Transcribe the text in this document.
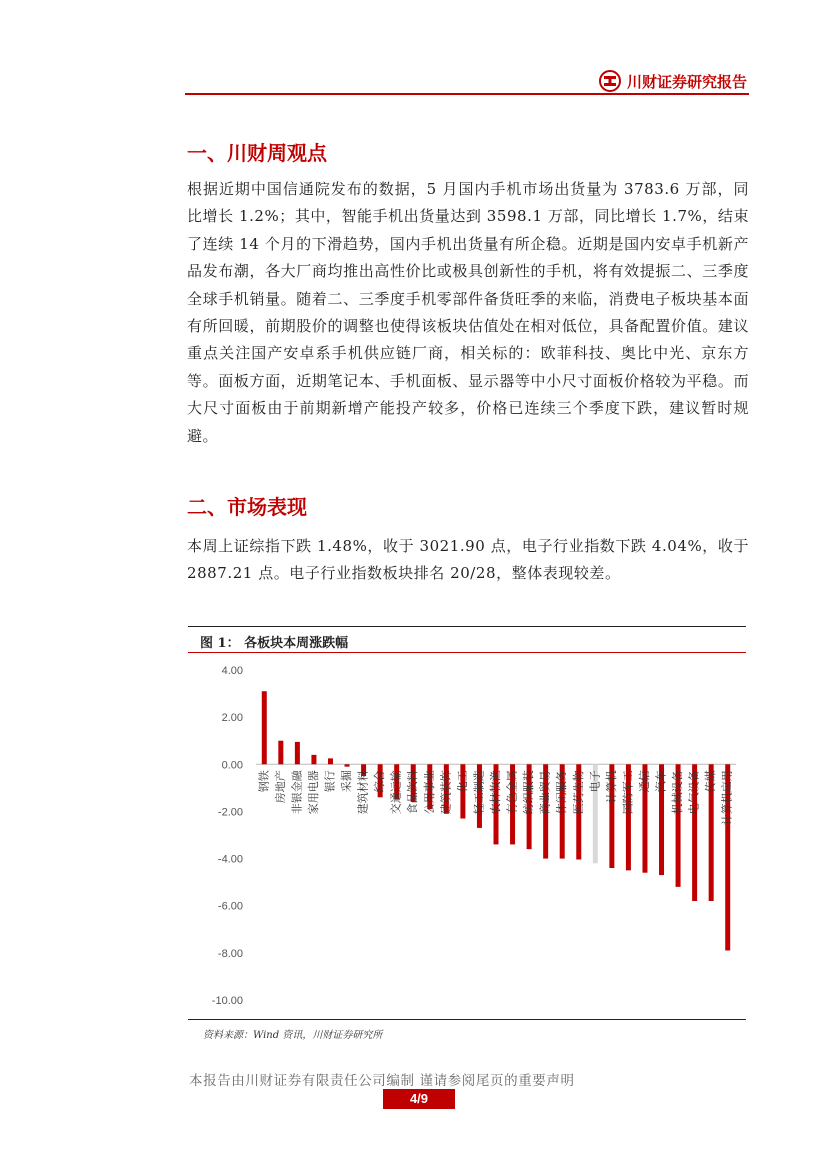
川财证券研究报告
一、川财周观点
根据近期中国信通院发布的数据，5 月国内手机市场出货量为 3783.6 万部，同比增长 1.2%；其中，智能手机出货量达到 3598.1 万部，同比增长 1.7%，结束了连续 14 个月的下滑趋势，国内手机出货量有所企稳。近期是国内安卓手机新产品发布潮，各大厂商均推出高性价比或极具创新性的手机，将有效提振二、三季度全球手机销量。随着二、三季度手机零部件备货旺季的来临，消费电子板块基本面有所回暖，前期股价的调整也使得该板块估值处在相对低位，具备配置价值。建议重点关注国产安卓系手机供应链厂商，相关标的：欧菲科技、奥比中光、京东方等。面板方面，近期笔记本、手机面板、显示器等中小尺寸面板价格较为平稳。而大尺寸面板由于前期新增产能投产较多，价格已连续三个季度下跌，建议暂时规避。
二、市场表现
本周上证综指下跌 1.48%，收于 3021.90 点，电子行业指数下跌 4.04%，收于 2887.21 点。电子行业指数板块排名 20/28，整体表现较差。
图 1： 各板块本周涨跌幅
4.00
2.00
0.00
-2.00
-4.00
-6.00
-8.00
-10.00
钢铁 房地产 非银金融 家用电器 银行 采掘 建筑材料 综合 交通运输 食品饮料 公用事业 建筑装饰 化工 轻工制造 农林牧渔 有色金属 纺织服装 商业贸易 休闲服务 医药生物 电子 计算机 国防军工 通信 汽车 机械设备 电气设备 传媒 计算机应用
资料来源：Wind 资讯，川财证券研究所
本报告由川财证券有限责任公司编制 谨请参阅尾页的重要声明
4/9
